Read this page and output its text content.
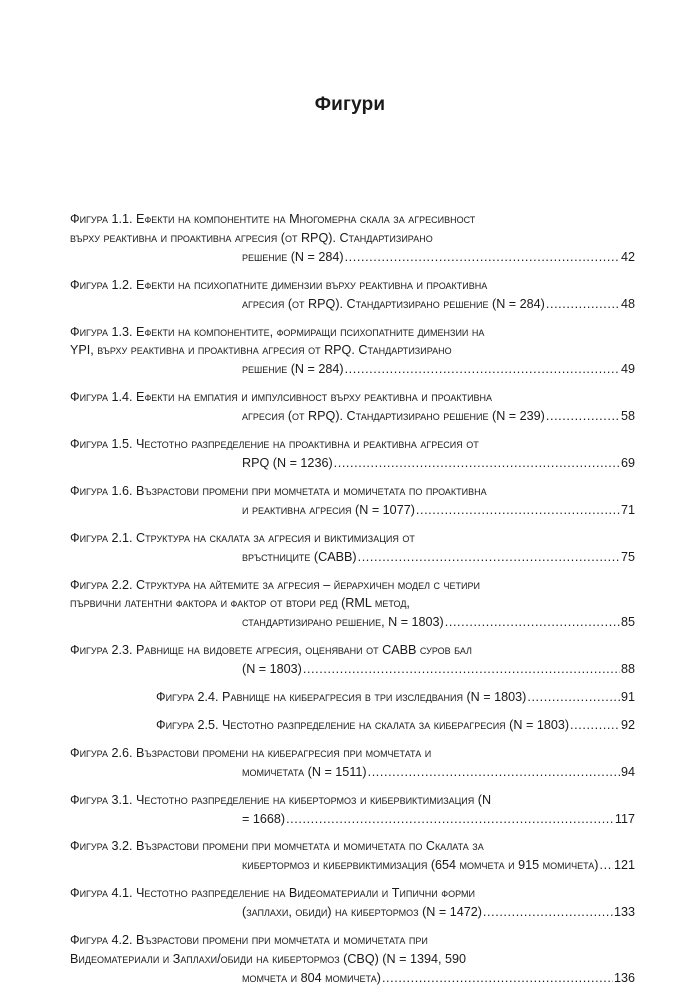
Фигури
Фигура 1.1. Ефекти на компонентите на Многомерна скала за агресивност
върху реактивна и проактивна агресия (от RPQ). Стандартизирано
решение (N = 284) .....	42
Фигура 1.2. Ефекти на психопатните димензии върху реактивна и проактивна
агресия (от RPQ). Стандартизирано решение (N = 284) .....	48
Фигура 1.3. Ефекти на компонентите, формиращи психопатните димензии на
YPI, върху реактивна и проактивна агресия от RPQ. Стандартизирано
решение (N = 284) .....	49
Фигура 1.4. Ефекти на емпатия и импулсивност върху реактивна и проактивна
агресия (от RPQ). Стандартизирано решение (N = 239) .....	58
Фигура 1.5. Честотно разпределение на проактивна и реактивна агресия от
RPQ (N = 1236) .....	69
Фигура 1.6. Възрастови промени при момчетата и момичетата по проактивна
и реактивна агресия (N = 1077) .....	71
Фигура 2.1. Структура на скалата за агресия и виктимизация от
връстниците (CABB) .....	75
Фигура 2.2. Структура на айтемите за агресия – йерархичен модел с четири
първични латентни фактора и фактор от втори ред (RML метод,
стандартизирано решение, N = 1803) .....	85
Фигура 2.3. Равнище на видовете агресия, оценявани от CABB суров бал
(N = 1803) .....	88
Фигура 2.4. Равнище на киберагресия в три изследвания (N = 1803) .....	91
Фигура 2.5. Честотно разпределение на скалата за киберагресия (N = 1803) .....	92
Фигура 2.6. Възрастови промени на киберагресия при момчетата и
момичетата (N = 1511) .....	94
Фигура 3.1. Честотно разпределение на кибертормоз и кибервиктимизация (N
= 1668) .....	117
Фигура 3.2. Възрастови промени при момчетата и момичетата по Скалата за
кибертормоз и кибервиктимизация (654 момчета и 915 момичета) ..... 121
Фигура 4.1. Честотно разпределение на Видеоматериали и Типични форми
(заплахи, обиди) на кибертормоз (N = 1472) .....	133
Фигура 4.2. Възрастови промени при момчетата и момичетата при
Видеоматериали и Заплахи/обиди на кибертормоз (CBQ) (N = 1394, 590
момчета и 804 момичета) .....	136
